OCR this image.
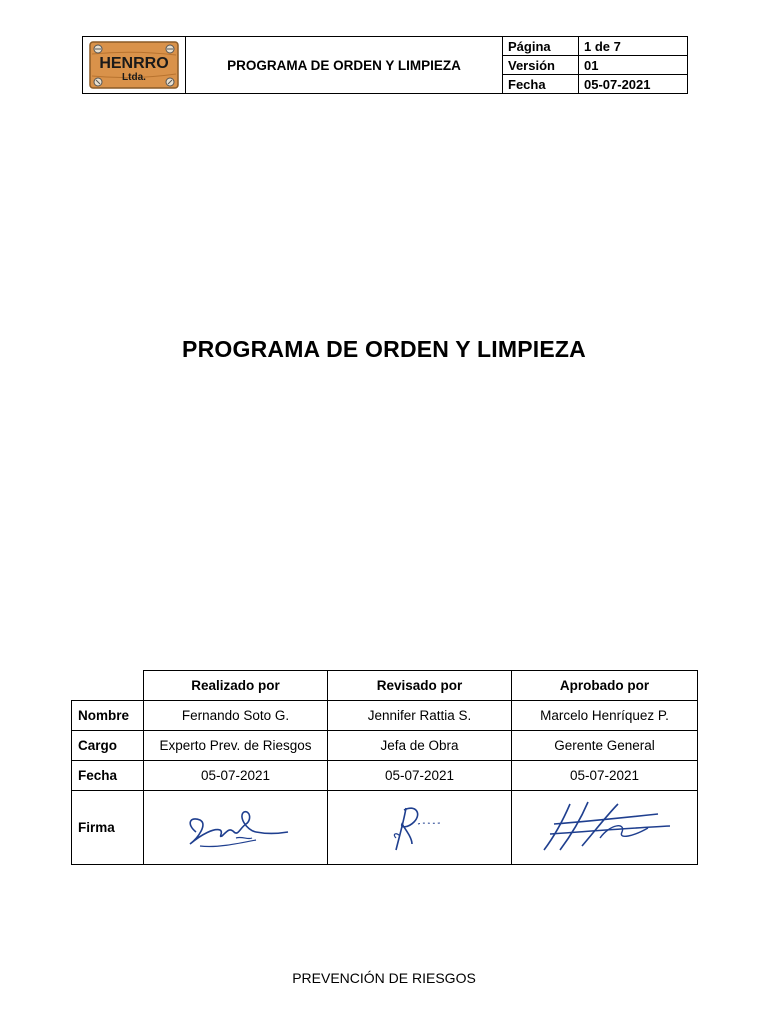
HENRRO
Ltda.	PROGRAMA DE ORDEN Y LIMPIEZA	Página	1 de 7
		Versión	01
		Fecha	05-07-2021
PROGRAMA DE ORDEN Y LIMPIEZA
	Realizado por	Revisado por	Aprobado por
Nombre	Fernando Soto G.	Jennifer Rattia S.	Marcelo Henríquez P.
Cargo	Experto Prev. de Riesgos	Jefa de Obra	Gerente General
Fecha	05-07-2021	05-07-2021	05-07-2021
Firma			
PREVENCIÓN DE RIESGOS
